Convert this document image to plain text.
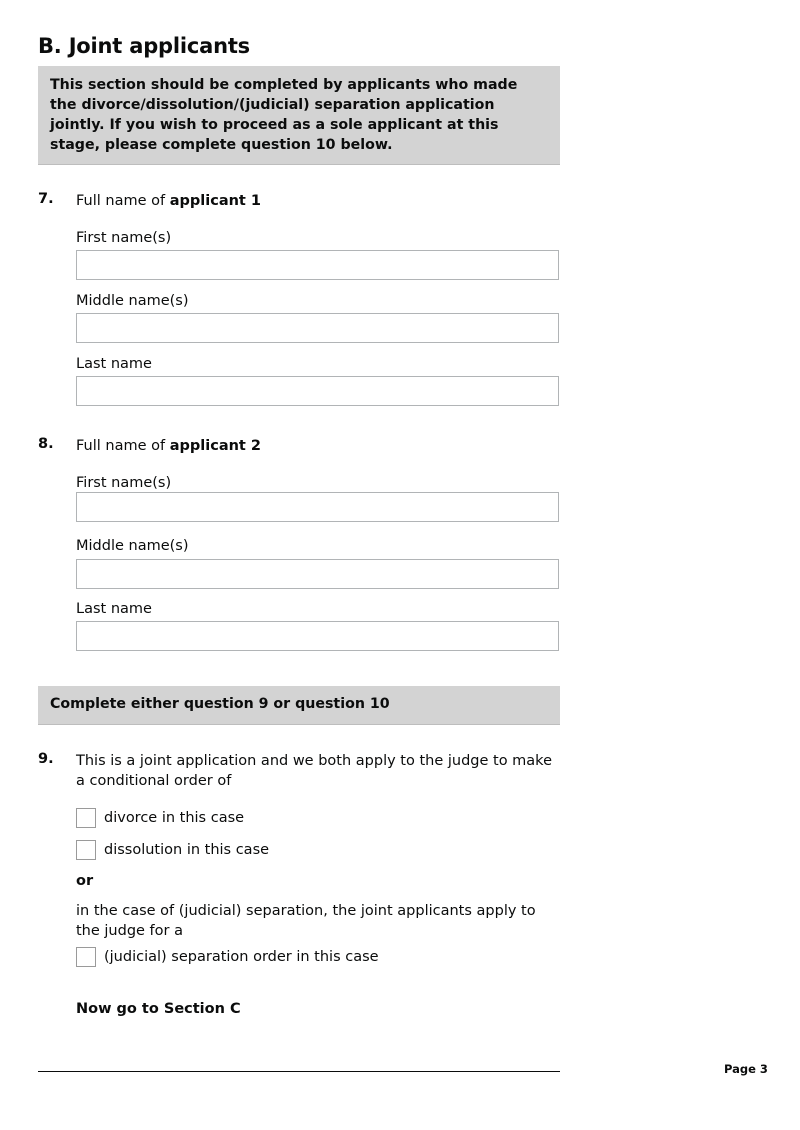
B. Joint applicants
This section should be completed by applicants who made the divorce/dissolution/(judicial) separation application jointly. If you wish to proceed as a sole applicant at this stage, please complete question 10 below.
7. Full name of applicant 1
First name(s)
Middle name(s)
Last name
8. Full name of applicant 2
First name(s)
Middle name(s)
Last name
Complete either question 9 or question 10
9. This is a joint application and we both apply to the judge to make a conditional order of
divorce in this case
dissolution in this case
or
in the case of (judicial) separation, the joint applicants apply to the judge for a
(judicial) separation order in this case
Now go to Section C
Page 3
